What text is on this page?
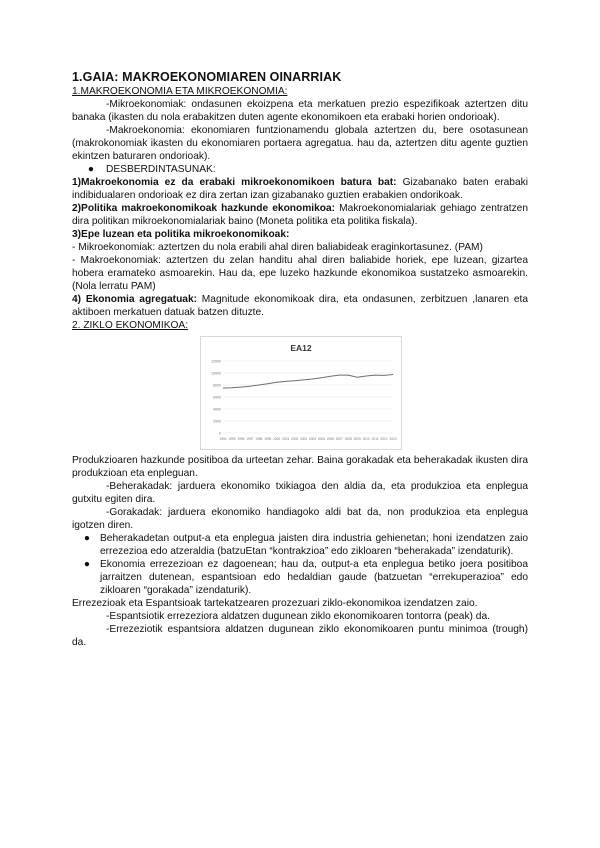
1.GAIA: MAKROEKONOMIAREN OINARRIAK

1.MAKROEKONOMIA ETA MIKROEKONOMIA:

-Mikroekonomiak: ondasunen ekoizpena eta merkatuen prezio espezifikoak aztertzen ditu banaka (ikasten du nola erabakitzen duten agente ekonomikoen eta erabaki horien ondorioak).

-Makroekonomia: ekonomiaren funtzionamendu globala aztertzen du, bere osotasunean (makrokonomiak ikasten du ekonomiaren portaera agregatua. hau da, aztertzen ditu agente guztien ekintzen baturaren ondorioak).

●	DESBERDINTASUNAK:

1)Makroekonomia ez da erabaki mikroekonomikoen batura bat: Gizabanako baten erabaki indibidualaren ondorioak ez dira zertan izan gizabanako guztien erabakien ondorikoak.

2)Politika makroekonomikoak hazkunde ekonomikoa: Makroekonomialariak gehiago zentratzen dira politikan mikroekonomialariak baino (Moneta politika eta politika fiskala).

3)Epe luzean eta politika mikroekonomikoak:

- Mikroekonomiak: aztertzen du nola erabili ahal diren baliabideak eraginkortasunez. (PAM)

- Makroekonomiak: aztertzen du zelan handitu ahal diren baliabide horiek, epe luzean, gizartea hobera eramateko asmoarekin. Hau da, epe luzeko hazkunde ekonomikoa sustatzeko asmoarekin. (Nola lerratu PAM)

4) Ekonomia agregatuak: Magnitude ekonomikoak dira, eta ondasunen, zerbitzuen ,lanaren eta aktiboen merkatuen datuak batzen dituzte.

2. ZIKLO EKONOMIKOA:

EA12
0
2000
4000
6000
8000
10000
12000
1994 1995 1996 1997 1998 1999 2000 2001 2002 2003 2004 2005 2006 2007 2008 2009 2010 2011 2012 2013

Produkzioaren hazkunde positiboa da urteetan zehar. Baina gorakadak eta beherakadak ikusten dira produkzioan eta enpleguan.

-Beherakadak: jarduera ekonomiko txikiagoa den aldia da, eta produkzioa eta enplegua gutxitu egiten dira.

-Gorakadak: jarduera ekonomiko handiagoko aldi bat da, non produkzioa eta enplegua igotzen diren.

● Beherakadetan output-a eta enplegua jaisten dira industria gehienetan; honi izendatzen zaio errezezioa edo atzeraldia (batzuEtan “kontrakzioa” edo zikloaren “beherakada” izendaturik).
● Ekonomia errezezioan ez dagoenean; hau da, output-a eta enplegua betiko joera positiboa jarraitzen dutenean, espantsioan edo hedaldian gaude (batzuetan “errekuperazioa” edo zikloaren “gorakada” izendaturik).

Errezezioak eta Espantsioak tartekatzearen prozezuari ziklo-ekonomikoa izendatzen zaio.

-Espantsiotik errezeziora aldatzen dugunean ziklo ekonomikoaren tontorra (peak) da.

-Errezeziotik espantsiora aldatzen dugunean ziklo ekonomikoaren puntu minimoa (trough) da.
